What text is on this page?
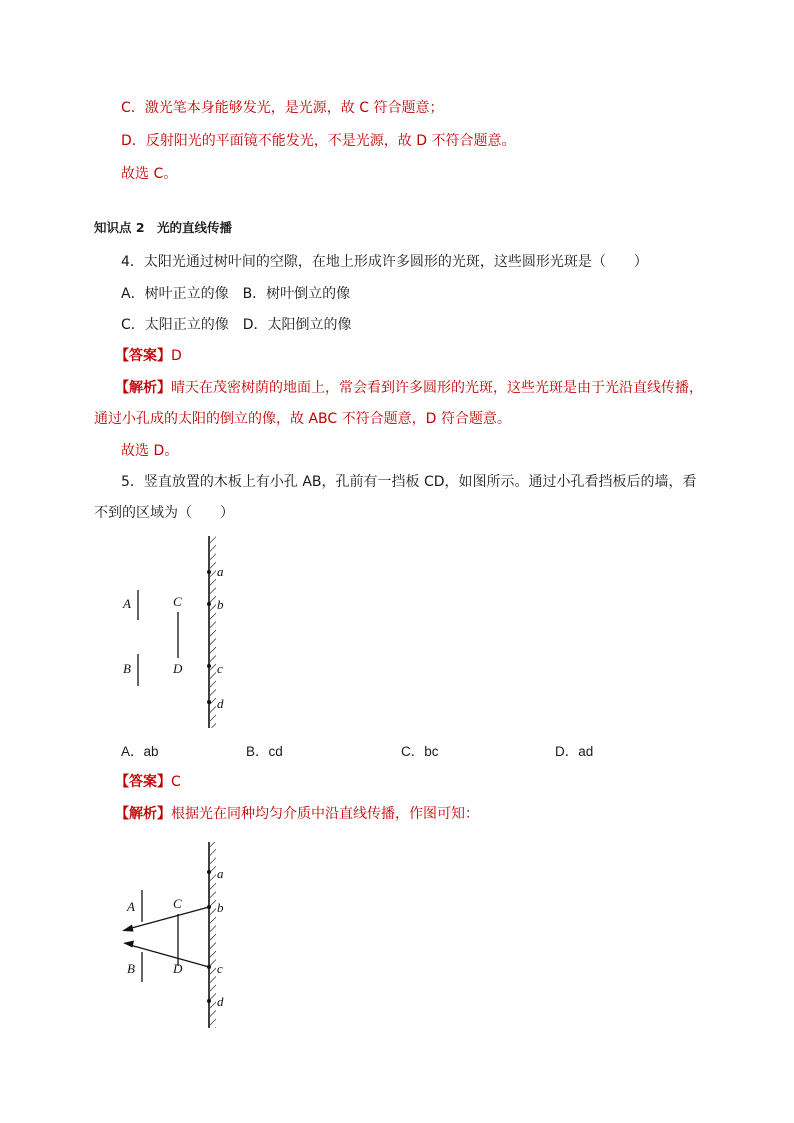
C．激光笔本身能够发光，是光源，故 C 符合题意；
D．反射阳光的平面镜不能发光，不是光源，故 D 不符合题意。
故选 C。
知识点 2　光的直线传播
4．太阳光通过树叶间的空隙，在地上形成许多圆形的光斑，这些圆形光斑是（　　）
A．树叶正立的像　B．树叶倒立的像
C．太阳正立的像　D．太阳倒立的像
【答案】D
【解析】晴天在茂密树荫的地面上，常会看到许多圆形的光斑，这些光斑是由于光沿直线传播，
通过小孔成的太阳的倒立的像，故 ABC 不符合题意，D 符合题意。
故选 D。
5．竖直放置的木板上有小孔 AB，孔前有一挡板 CD，如图所示。通过小孔看挡板后的墙，看
不到的区域为（　　）
A
B
C
D
a
b
c
d
A．ab	B．cd	C．bc	D．ad
【答案】C
【解析】根据光在同种均匀介质中沿直线传播，作图可知：
A
B
C
D
a
b
c
d
